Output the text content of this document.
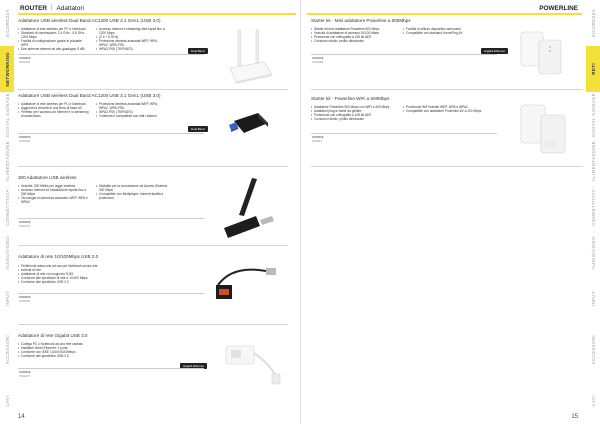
SICUREZZA
NETWORKING
DIGITAL SIGNAGE
ALIMENTAZIONE
CONNETTIVITA'
AUDIO/VIDEO
INPUT
ACCESSORI
CAVI
ROUTER | Adattatori
Adattatore USB wireless Dual Band AC1200 USB 3.1 Gen1 (USB 3.0)
• Adattatore di rete wireless per PC e Notebook
• Standard di connessione: 2.4 GHz - 5.8 GHz - 1200 Mbps
• Facilità di configurazione grazie al pulsante WPS
• Due antenne esterne ad alto guadagno 5 dBi
• Accesso Internet e streaming ultra rapidi fino a 1200 Mbps
• (2.4 + 5 GHz)
• Protezione wireless avanzata WEP, WPA, WPA2, WPA-PSK,
• WPA2-PSK (TKIP/AES)	Dual Band
CODICE
ITA0463
Adattatore USB wireless Dual Band AC1200 USB 3.1 Gen1 (USB 3.0)
• Adattatore di rete wireless per PC e Notebook
• Aggiunta la velocità di una linea di base AC
• Perfetto per l'accesso ad Internet e lo streaming di audio/video
• Protezione wireless avanzata WEP, WPA, WPA2, WPA-PSK,
• WPA2-PSK (TKIP/AES)
• Il sistema è compatibile con tutti i sistemi
Dual Band
CODICE
ITA0426
300 Adattatore USB wireless
• Velocità: 300 Mbit/s per legge wireless
• Accesso Internet ed installazione rapida fino a 300 Mbps
• Tecnologia di sicurezza avanzata: WEP, WPA e WPA2
• Modalità per la connessione ad Access Wireless 300 Mbps
• Compatibile con Multiplayer: Internet facilità e protezione
CODICE
ITA0477
Adattatore di rete 10/100Mbps USB 2.0
• Periferiche autonome ad uso per Notebook senza rete
• scheda di rete
• Adattatore di rete con supporto RJ45
• Conforme alle specifiche di rete a 10/100 Mbps
• Conforme alle specifiche USB 2.0
CODICE
ITA0205
Adattatore di rete Gigabit USB 3.0
• Collega PC o Notebook ad una rete cablata
• Installare driver Ethernet: 1 porta
• Conforme con IEEE 10/100/1000Mbps
• Conforme alle specifiche USB 3.0
Gigabit Ethernet
CODICE
ITA0207
14
SICUREZZA
RETI
DIGITAL SIGNAGE
ALIMENTAZIONE
CONNETTIVITA'
AUDIO/VIDEO
INPUT
ACCESSORI
CAVI
POWERLINE
Starter kit - Mini adattatore Powerline a 600Mbps
• Starter kit mini adattatore Powerline 600 Mbps
• Velocità di adattatore di accesso 10/100 Mbps
• Protezione con crittografia a 128 bit AES
• Consumo ridotto, profilo ottimizzato
• Facilità di utilizzo dispositivo autonomo
• Compatibile con standard HomePlug AV
Gigabit Ethernet
CODICE
ITA0265
Starter kit - Powerline WiFi a 500Mbps
• Adattatore Powerline 500 Mbps con WiFi a 300 Mbps
• Adattatori plug-in facile da gestire
• Protezione con crittografia a 128 bit AES
• Consumo ridotto, profilo ottimizzato
• Protezione WiFi tramite WEP, WPA e WPA2
• Compatibile con adattatore Powerline AV a 200 Mbps
CODICE
190067
15
